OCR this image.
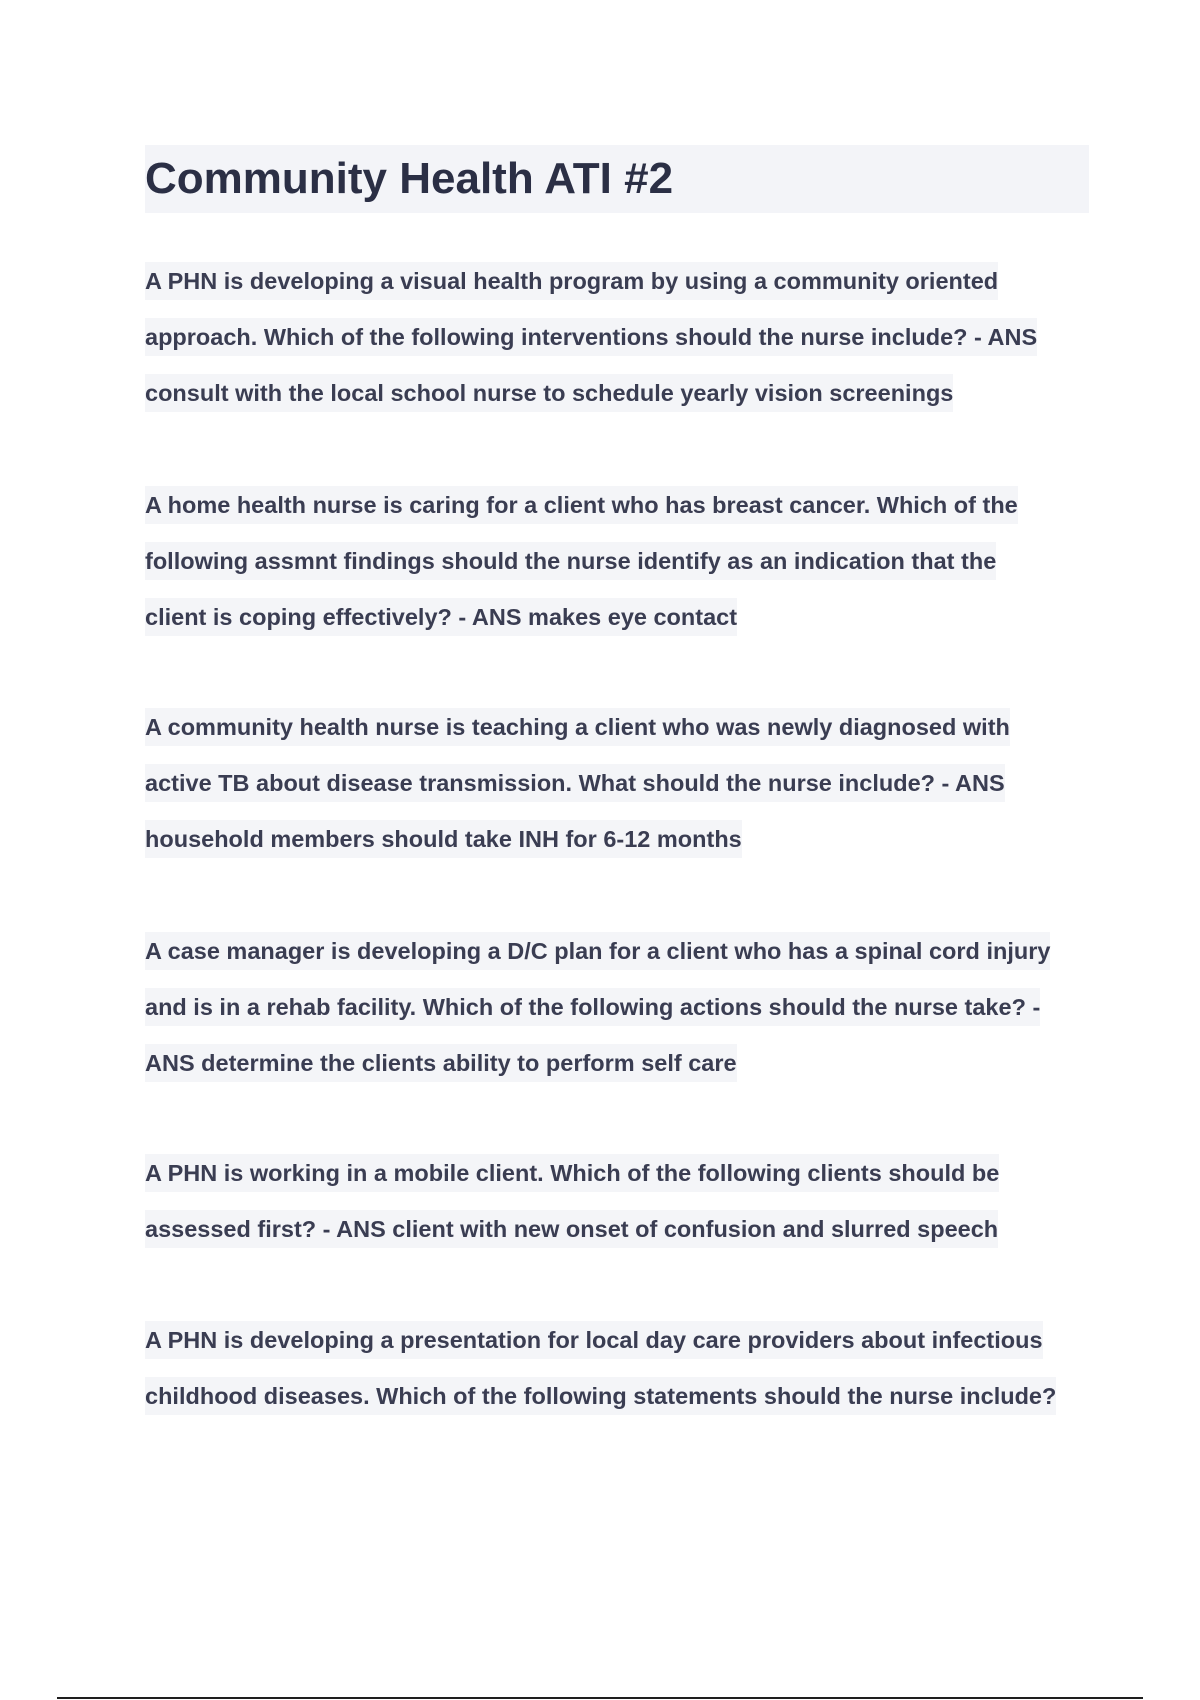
Community Health ATI #2
A PHN is developing a visual health program by using a community oriented
approach. Which of the following interventions should the nurse include? - ANS
consult with the local school nurse to schedule yearly vision screenings
A home health nurse is caring for a client who has breast cancer. Which of the
following assmnt findings should the nurse identify as an indication that the
client is coping effectively? - ANS makes eye contact
A community health nurse is teaching a client who was newly diagnosed with
active TB about disease transmission. What should the nurse include? - ANS
household members should take INH for 6-12 months
A case manager is developing a D/C plan for a client who has a spinal cord injury
and is in a rehab facility. Which of the following actions should the nurse take? -
ANS determine the clients ability to perform self care
A PHN is working in a mobile client. Which of the following clients should be
assessed first? - ANS client with new onset of confusion and slurred speech
A PHN is developing a presentation for local day care providers about infectious
childhood diseases. Which of the following statements should the nurse include?
